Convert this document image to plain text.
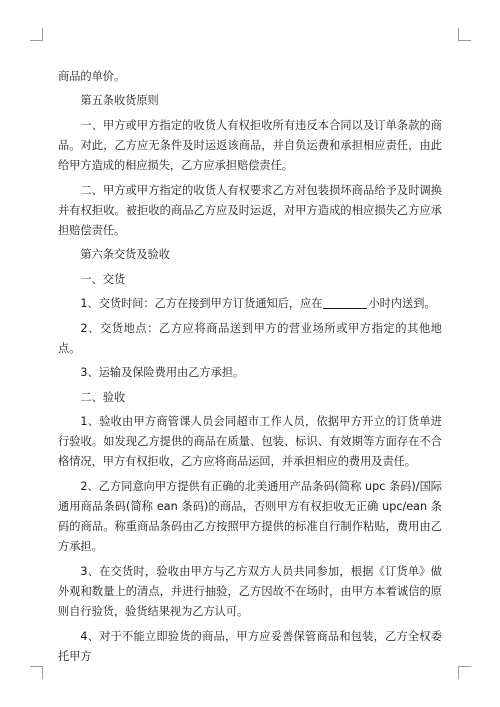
商品的单价。

第五条收货原则

一、甲方或甲方指定的收货人有权拒收所有违反本合同以及订单条款的商品。对此，乙方应无条件及时运返该商品，并自负运费和承担相应责任，由此给甲方造成的相应损失，乙方应承担赔偿责任。

二、甲方或甲方指定的收货人有权要求乙方对包装损坏商品给予及时调换并有权拒收。被拒收的商品乙方应及时运返，对甲方造成的相应损失乙方应承担赔偿责任。

第六条交货及验收

一、交货

1、交货时间：乙方在接到甲方订货通知后，应在	小时内送到。

2、交货地点：乙方应将商品送到甲方的营业场所或甲方指定的其他地点。

3、运输及保险费用由乙方承担。

二、验收

1、验收由甲方商管课人员会同超市工作人员，依据甲方开立的订货单进行验收。如发现乙方提供的商品在质量、包装、标识、有效期等方面存在不合格情况，甲方有权拒收，乙方应将商品运回，并承担相应的费用及责任。

2、乙方同意向甲方提供有正确的北美通用产品条码(简称 upc 条码)/国际通用商品条码(简称 ean 条码)的商品，否则甲方有权拒收无正确 upc/ean 条码的商品。称重商品条码由乙方按照甲方提供的标准自行制作粘贴，费用由乙方承担。

3、在交货时，验收由甲方与乙方双方人员共同参加，根据《订货单》做外观和数量上的清点，并进行抽验，乙方因故不在场时，由甲方本着诚信的原则自行验货，验货结果视为乙方认可。

4、对于不能立即验货的商品，甲方应妥善保管商品和包装，乙方全权委托甲方
